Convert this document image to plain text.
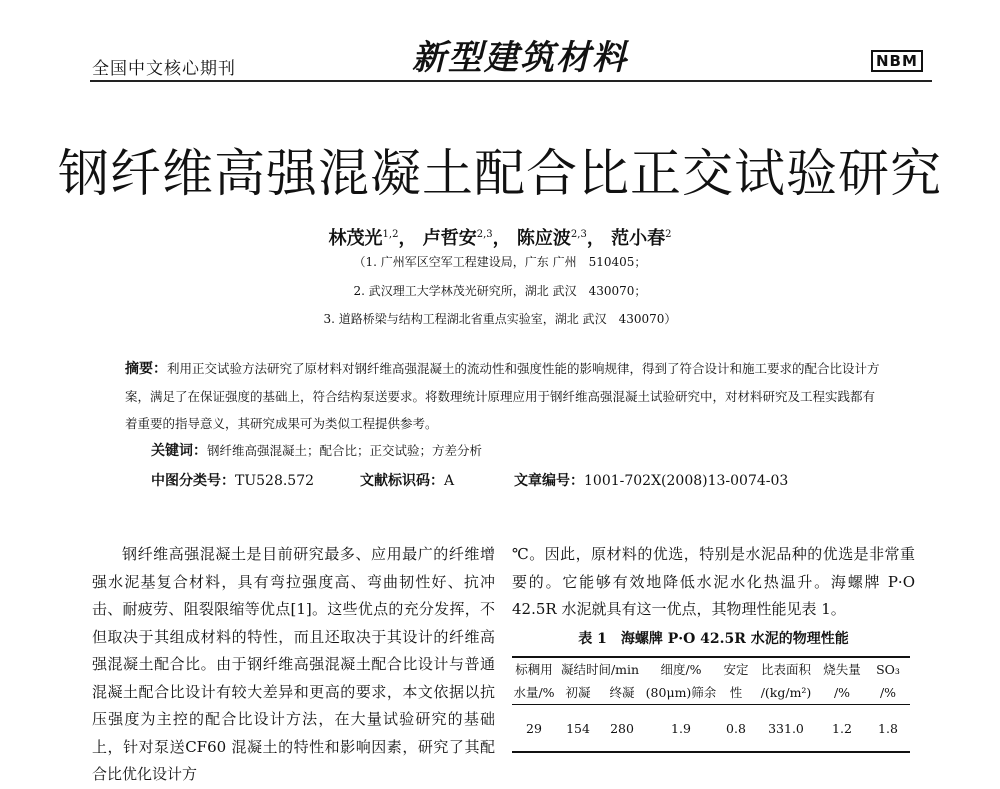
全国中文核心期刊	新型建筑材料	NBM
钢纤维高强混凝土配合比正交试验研究
林茂光$^{1,2}$， 卢哲安$^{2,3}$， 陈应波$^{2,3}$， 范小春$^2$
（1. 广州军区空军工程建设局，广东 广州　510405；
2. 武汉理工大学林茂光研究所，湖北 武汉　430070；
3. 道路桥梁与结构工程湖北省重点实验室，湖北 武汉　430070）
摘要：利用正交试验方法研究了原材料对钢纤维高强混凝土的流动性和强度性能的影响规律，得到了符合设计和施工要求的配合比设计方案，满足了在保证强度的基础上，符合结构泵送要求。将数理统计原理应用于钢纤维高强混凝土试验研究中，对材料研究及工程实践都有着重要的指导意义，其研究成果可为类似工程提供参考。
关键词：钢纤维高强混凝土；配合比；正交试验；方差分析
中图分类号：TU528.572	文献标识码：A	文章编号：1001-702X(2008)13-0074-03

钢纤维高强混凝土是目前研究最多、应用最广的纤维增强水泥基复合材料，具有弯拉强度高、弯曲韧性好、抗冲击、耐疲劳、阻裂限缩等优点[1]。这些优点的充分发挥，不但取决于其组成材料的特性，而且还取决于其设计的纤维高强混凝土配合比。由于钢纤维高强混凝土配合比设计与普通混凝土配合比设计有较大差异和更高的要求，本文依据以抗压强度为主控的配合比设计方法，在大量试验研究的基础上，针对泵送CF60 混凝土的特性和影响因素，研究了其配合比优化设计方

℃。因此，原材料的优选，特别是水泥品种的优选是非常重要的。它能够有效地降低水泥水化热温升。海螺牌 P·O 42.5R 水泥就具有这一优点，其物理性能见表 1。

表 1　海螺牌 P·O 42.5R 水泥的物理性能
标稠用	凝结时间/min		细度/%	安定	比表面积	烧失量	SO₃
水量/%	初凝	终凝	(80μm)筛余	性	/(kg/m²)	/%	/%
29	154	280	1.9	0.8	331.0	1.2	1.8
